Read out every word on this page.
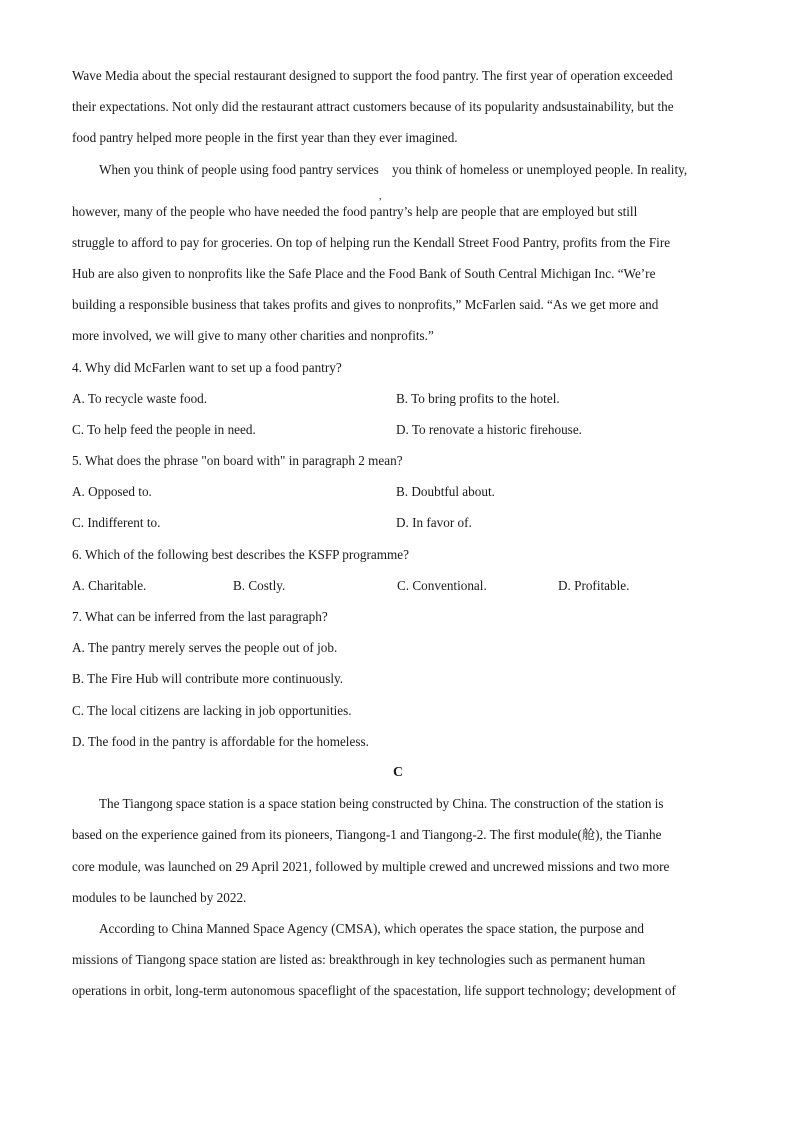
Wave Media about the special restaurant designed to support the food pantry. The first year of operation exceeded
their expectations. Not only did the restaurant attract customers because of its popularity andsustainability, but the
food pantry helped more people in the first year than they ever imagined.
When you think of people using food pantry services
,
you think of homeless or unemployed people. In reality,
however, many of the people who have needed the food pantry’s help are people that are employed but still
struggle to afford to pay for groceries. On top of helping run the Kendall Street Food Pantry, profits from the Fire
Hub are also given to nonprofits like the Safe Place and the Food Bank of South Central Michigan Inc. “We’re
building a responsible business that takes profits and gives to nonprofits,” McFarlen said. “As we get more and
more involved, we will give to many other charities and nonprofits.”
4. Why did McFarlen want to set up a food pantry?
A. To recycle waste food.	B. To bring profits to the hotel.
C. To help feed the people in need.	D. To renovate a historic firehouse.
5. What does the phrase "on board with" in paragraph 2 mean?
A. Opposed to.	B. Doubtful about.
C. Indifferent to.	D. In favor of.
6. Which of the following best describes the KSFP programme?
A. Charitable.	B. Costly.	C. Conventional.	D. Profitable.
7. What can be inferred from the last paragraph?
A. The pantry merely serves the people out of job.
B. The Fire Hub will contribute more continuously.
C. The local citizens are lacking in job opportunities.
D. The food in the pantry is affordable for the homeless.
C
The Tiangong space station is a space station being constructed by China. The construction of the station is
based on the experience gained from its pioneers, Tiangong-1 and Tiangong-2. The first module(舱), the Tianhe
core module, was launched on 29 April 2021, followed by multiple crewed and uncrewed missions and two more
modules to be launched by 2022.
According to China Manned Space Agency (CMSA), which operates the space station, the purpose and
missions of Tiangong space station are listed as: breakthrough in key technologies such as permanent human
operations in orbit, long-term autonomous spaceflight of the spacestation, life support technology; development of
